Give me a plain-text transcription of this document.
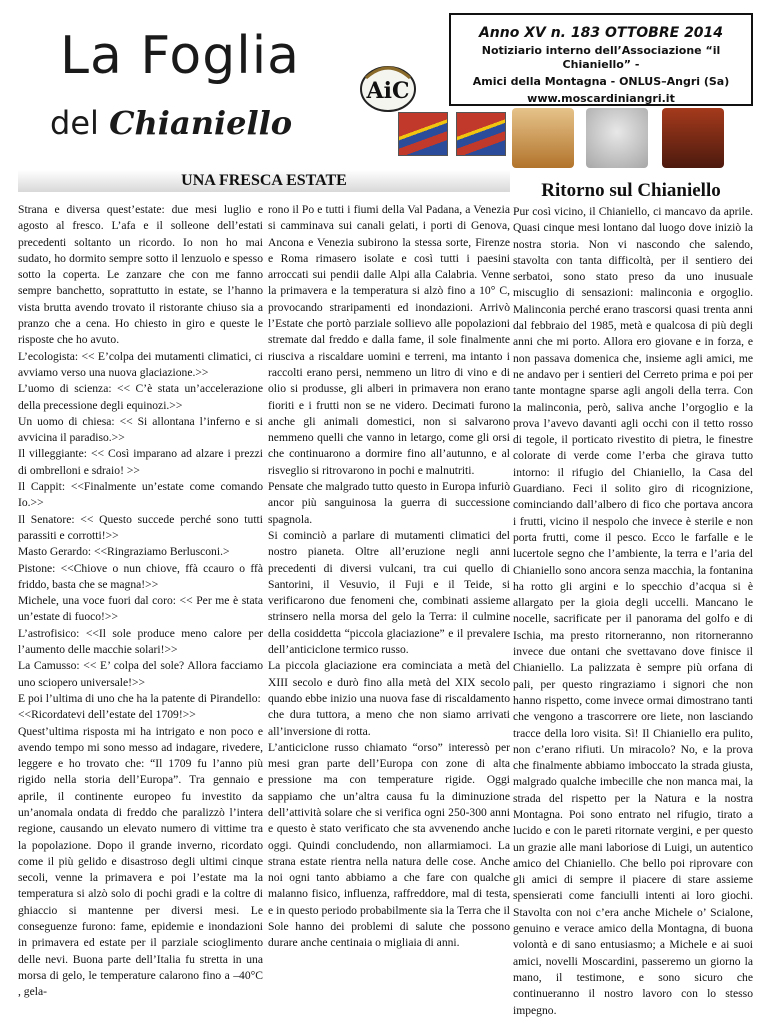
La Foglia
del Chianiello
AiC
Anno XV n. 183 OTTOBRE 2014
Notiziario interno dell’Associazione “il Chianiello” -
Amici della Montagna - ONLUS–Angri (Sa)
www.moscardiniangri.it
UNA FRESCA ESTATE
Strana e diversa quest’estate: due mesi luglio e agosto al fresco. L’afa e il solleone dell’estati precedenti soltanto un ricordo. Io non ho mai sudato, ho dormito sempre sotto il lenzuolo e spesso sotto la coperta. Le zanzare che con me fanno sempre banchetto, soprattutto in estate, se l’hanno vista brutta avendo trovato il ristorante chiuso sia a pranzo che a cena. Ho chiesto in giro e queste le risposte che ho avuto.
L’ecologista: << E’colpa dei mutamenti climatici, ci avviamo verso una nuova glaciazione.>>
L’uomo di scienza: << C’è stata un’accelerazione della precessione degli equinozi.>>
Un uomo di chiesa: << Si allontana l’inferno e si avvicina il paradiso.>>
Il villeggiante: << Così imparano ad alzare i prezzi di ombrelloni e sdraio! >>
Il Cappit: <<Finalmente un’estate come comando Io.>>
Il Senatore: << Questo succede perché sono tutti parassiti e corrotti!>>
Masto Gerardo: <<Ringraziamo Berlusconi.>
Pistone: <<Chiove o nun chiove, ffà ccauro o ffà friddo, basta che se magna!>>
Michele, una voce fuori dal coro: << Per me è stata un’estate di fuoco!>>
L’astrofisico: <<Il sole produce meno calore per l’aumento delle macchie solari!>>
La Camusso: << E’ colpa del sole? Allora facciamo uno sciopero universale!>>
E poi l’ultima di uno che ha la patente di Pirandello:
<<Ricordatevi dell’estate del 1709!>>
Quest’ultima risposta mi ha intrigato e non poco e avendo tempo mi sono messo ad indagare, rivedere, leggere e ho trovato che: “Il 1709 fu l’anno più rigido nella storia dell’Europa”. Tra gennaio e aprile, il continente europeo fu investito da un’anomala ondata di freddo che paralizzò l’intera regione, causando un elevato numero di vittime tra la popolazione. Dopo il grande inverno, ricordato come il più gelido e disastroso degli ultimi cinque secoli, venne la primavera e poi l’estate ma la temperatura si alzò solo di pochi gradi e la coltre di ghiaccio si mantenne per diversi mesi. Le conseguenze furono: fame, epidemie e inondazioni in primavera ed estate per il parziale scioglimento delle nevi. Buona parte dell’Italia fu stretta in una morsa di gelo, le temperature calarono fino a –40°C , gela-
rono il Po e tutti i fiumi della Val Padana, a Venezia si camminava sui canali gelati, i porti di Genova, Ancona e Venezia subirono la stessa sorte, Firenze e Roma rimasero isolate e così tutti i paesini arroccati sui pendii dalle Alpi alla Calabria. Venne la primavera e la temperatura si alzò fino a 10° C, provocando straripamenti ed inondazioni. Arrivò l’Estate che portò parziale sollievo alle popolazioni stremate dal freddo e dalla fame, il sole finalmente riusciva a riscaldare uomini e terreni, ma intanto i raccolti erano persi, nemmeno un litro di vino e di olio si produsse, gli alberi in primavera non erano fioriti e i frutti non se ne videro. Decimati furono anche gli animali domestici, non si salvarono nemmeno quelli che vanno in letargo, come gli orsi che continuarono a dormire fino all’autunno, e al risveglio si ritrovarono in pochi e malnutriti.
Pensate che malgrado tutto questo in Europa infuriò ancor più sanguinosa la guerra di successione spagnola.
Si cominciò a parlare di mutamenti climatici del nostro pianeta. Oltre all’eruzione negli anni precedenti di diversi vulcani, tra cui quello di Santorini, il Vesuvio, il Fuji e il Teide, si verificarono due fenomeni che, combinati assieme strinsero nella morsa del gelo la Terra: il culmine della cosiddetta “piccola glaciazione” e il prevalere dell’anticiclone termico russo.
La piccola glaciazione era cominciata a metà del XIII secolo e durò fino alla metà del XIX secolo quando ebbe inizio una nuova fase di riscaldamento che dura tuttora, a meno che non siamo arrivati all’inversione di rotta.
L’anticiclone russo chiamato “orso” interessò per mesi gran parte dell’Europa con zone di alta pressione ma con temperature rigide. Oggi sappiamo che un’altra causa fu la diminuzione dell’attività solare che si verifica ogni 250-300 anni e questo è stato verificato che sta avvenendo anche oggi. Quindi concludendo, non allarmiamoci. La strana estate rientra nella natura delle cose. Anche noi ogni tanto abbiamo a che fare con qualche malanno fisico, influenza, raffreddore, mal di testa, e in questo periodo probabilmente sia la Terra che il Sole hanno dei problemi di salute che possono durare anche centinaia o migliaia di anni.
Ritorno sul Chianiello
Pur così vicino, il Chianiello, ci mancavo da aprile. Quasi cinque mesi lontano dal luogo dove iniziò la nostra storia. Non vi nascondo che salendo, stavolta con tanta difficoltà, per il sentiero dei serbatoi, sono stato preso da uno inusuale miscuglio di sensazioni: malinconia e orgoglio. Malinconia perché erano trascorsi quasi trenta anni dal febbraio del 1985, metà e qualcosa di più degli anni che mi porto. Allora ero giovane e in forza, e non passava domenica che, insieme agli amici, me ne andavo per i sentieri del Cerreto prima e poi per tante montagne sparse agli angoli della terra. Con la malinconia, però, saliva anche l’orgoglio e la prova l’avevo davanti agli occhi con il tetto rosso di tegole, il porticato rivestito di pietra, le finestre colorate di verde come l’erba che girava tutto intorno: il rifugio del Chianiello, la Casa del Guardiano. Feci il solito giro di ricognizione, cominciando dall’albero di fico che portava ancora i frutti, vicino il nespolo che invece è sterile e non porta frutti, come il pesco. Ecco le farfalle e le lucertole segno che l’ambiente, la terra e l’aria del Chianiello sono ancora senza macchia, la fontanina ha rotto gli argini e lo specchio d’acqua si è allargato per la gioia degli uccelli. Mancano le nocelle, sacrificate per il panorama del golfo e di Ischia, ma presto ritorneranno, non ritorneranno invece due ontani che svettavano dove finisce il Chianiello. La palizzata è sempre più orfana di pali, per questo ringraziamo i signori che non hanno rispetto, come invece ormai dimostrano tanti che vengono a trascorrere ore liete, non lasciando tracce della loro visita. Sì! Il Chianiello era pulito, non c’erano rifiuti. Un miracolo? No, e la prova che finalmente abbiamo imboccato la strada giusta, malgrado qualche imbecille che non manca mai, la strada del rispetto per la Natura e la nostra Montagna. Poi sono entrato nel rifugio, tirato a lucido e con le pareti ritornate vergini, e per questo un grazie alle mani laboriose di Luigi, un autentico amico del Chianiello. Che bello poi riprovare con gli amici di sempre il piacere di stare assieme spensierati come fanciulli intenti ai loro giochi. Stavolta con noi c’era anche Michele o’ Scialone, genuino e verace amico della Montagna, di buona volontà e di sano entusiasmo; a Michele e ai suoi amici, novelli Moscardini, passeremo un giorno la mano, il testimone, e sono sicuro che continueranno il nostro lavoro con lo stesso impegno.
